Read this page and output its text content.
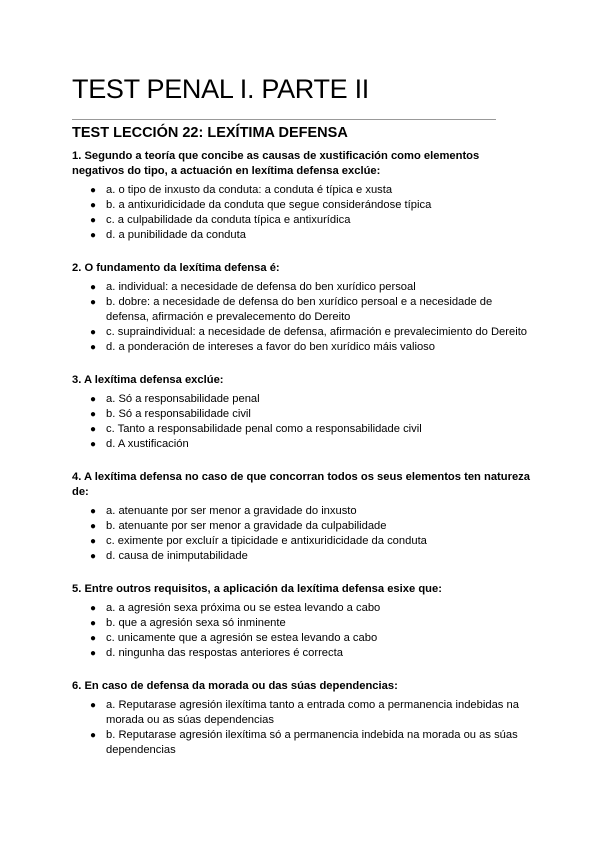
TEST PENAL I. PARTE II
TEST LECCIÓN 22: LEXÍTIMA DEFENSA

1. Segundo a teoría que concibe as causas de xustificación como elementos negativos do tipo, a actuación en lexítima defensa exclúe:

● a. o tipo de inxusto da conduta: a conduta é típica e xusta
● b. a antixuridicidade da conduta que segue considerándose típica
● c. a culpabilidade da conduta típica e antixurídica
● d. a punibilidade da conduta

2. O fundamento da lexítima defensa é:

● a. individual: a necesidade de defensa do ben xurídico persoal
● b. dobre: a necesidade de defensa do ben xurídico persoal e a necesidade de defensa, afirmación e prevalecemento do Dereito
● c. supraindividual: a necesidade de defensa, afirmación e prevalecimiento do Dereito
● d. a ponderación de intereses a favor do ben xurídico máis valioso

3. A lexítima defensa exclúe:

● a. Só a responsabilidade penal
● b. Só a responsabilidade civil
● c. Tanto a responsabilidade penal como a responsabilidade civil
● d. A xustificación

4. A lexítima defensa no caso de que concorran todos os seus elementos ten natureza de:

● a. atenuante por ser menor a gravidade do inxusto
● b. atenuante por ser menor a gravidade da culpabilidade
● c. eximente por excluír a tipicidade e antixuridicidade da conduta
● d. causa de inimputabilidade

5. Entre outros requisitos, a aplicación da lexítima defensa esixe que:

● a. a agresión sexa próxima ou se estea levando a cabo
● b. que a agresión sexa só inminente
● c. unicamente que a agresión se estea levando a cabo
● d. ningunha das respostas anteriores é correcta

6. En caso de defensa da morada ou das súas dependencias:

● a. Reputarase agresión ilexítima tanto a entrada como a permanencia indebidas na morada ou as súas dependencias
● b. Reputarase agresión ilexítima só a permanencia indebida na morada ou as súas dependencias
